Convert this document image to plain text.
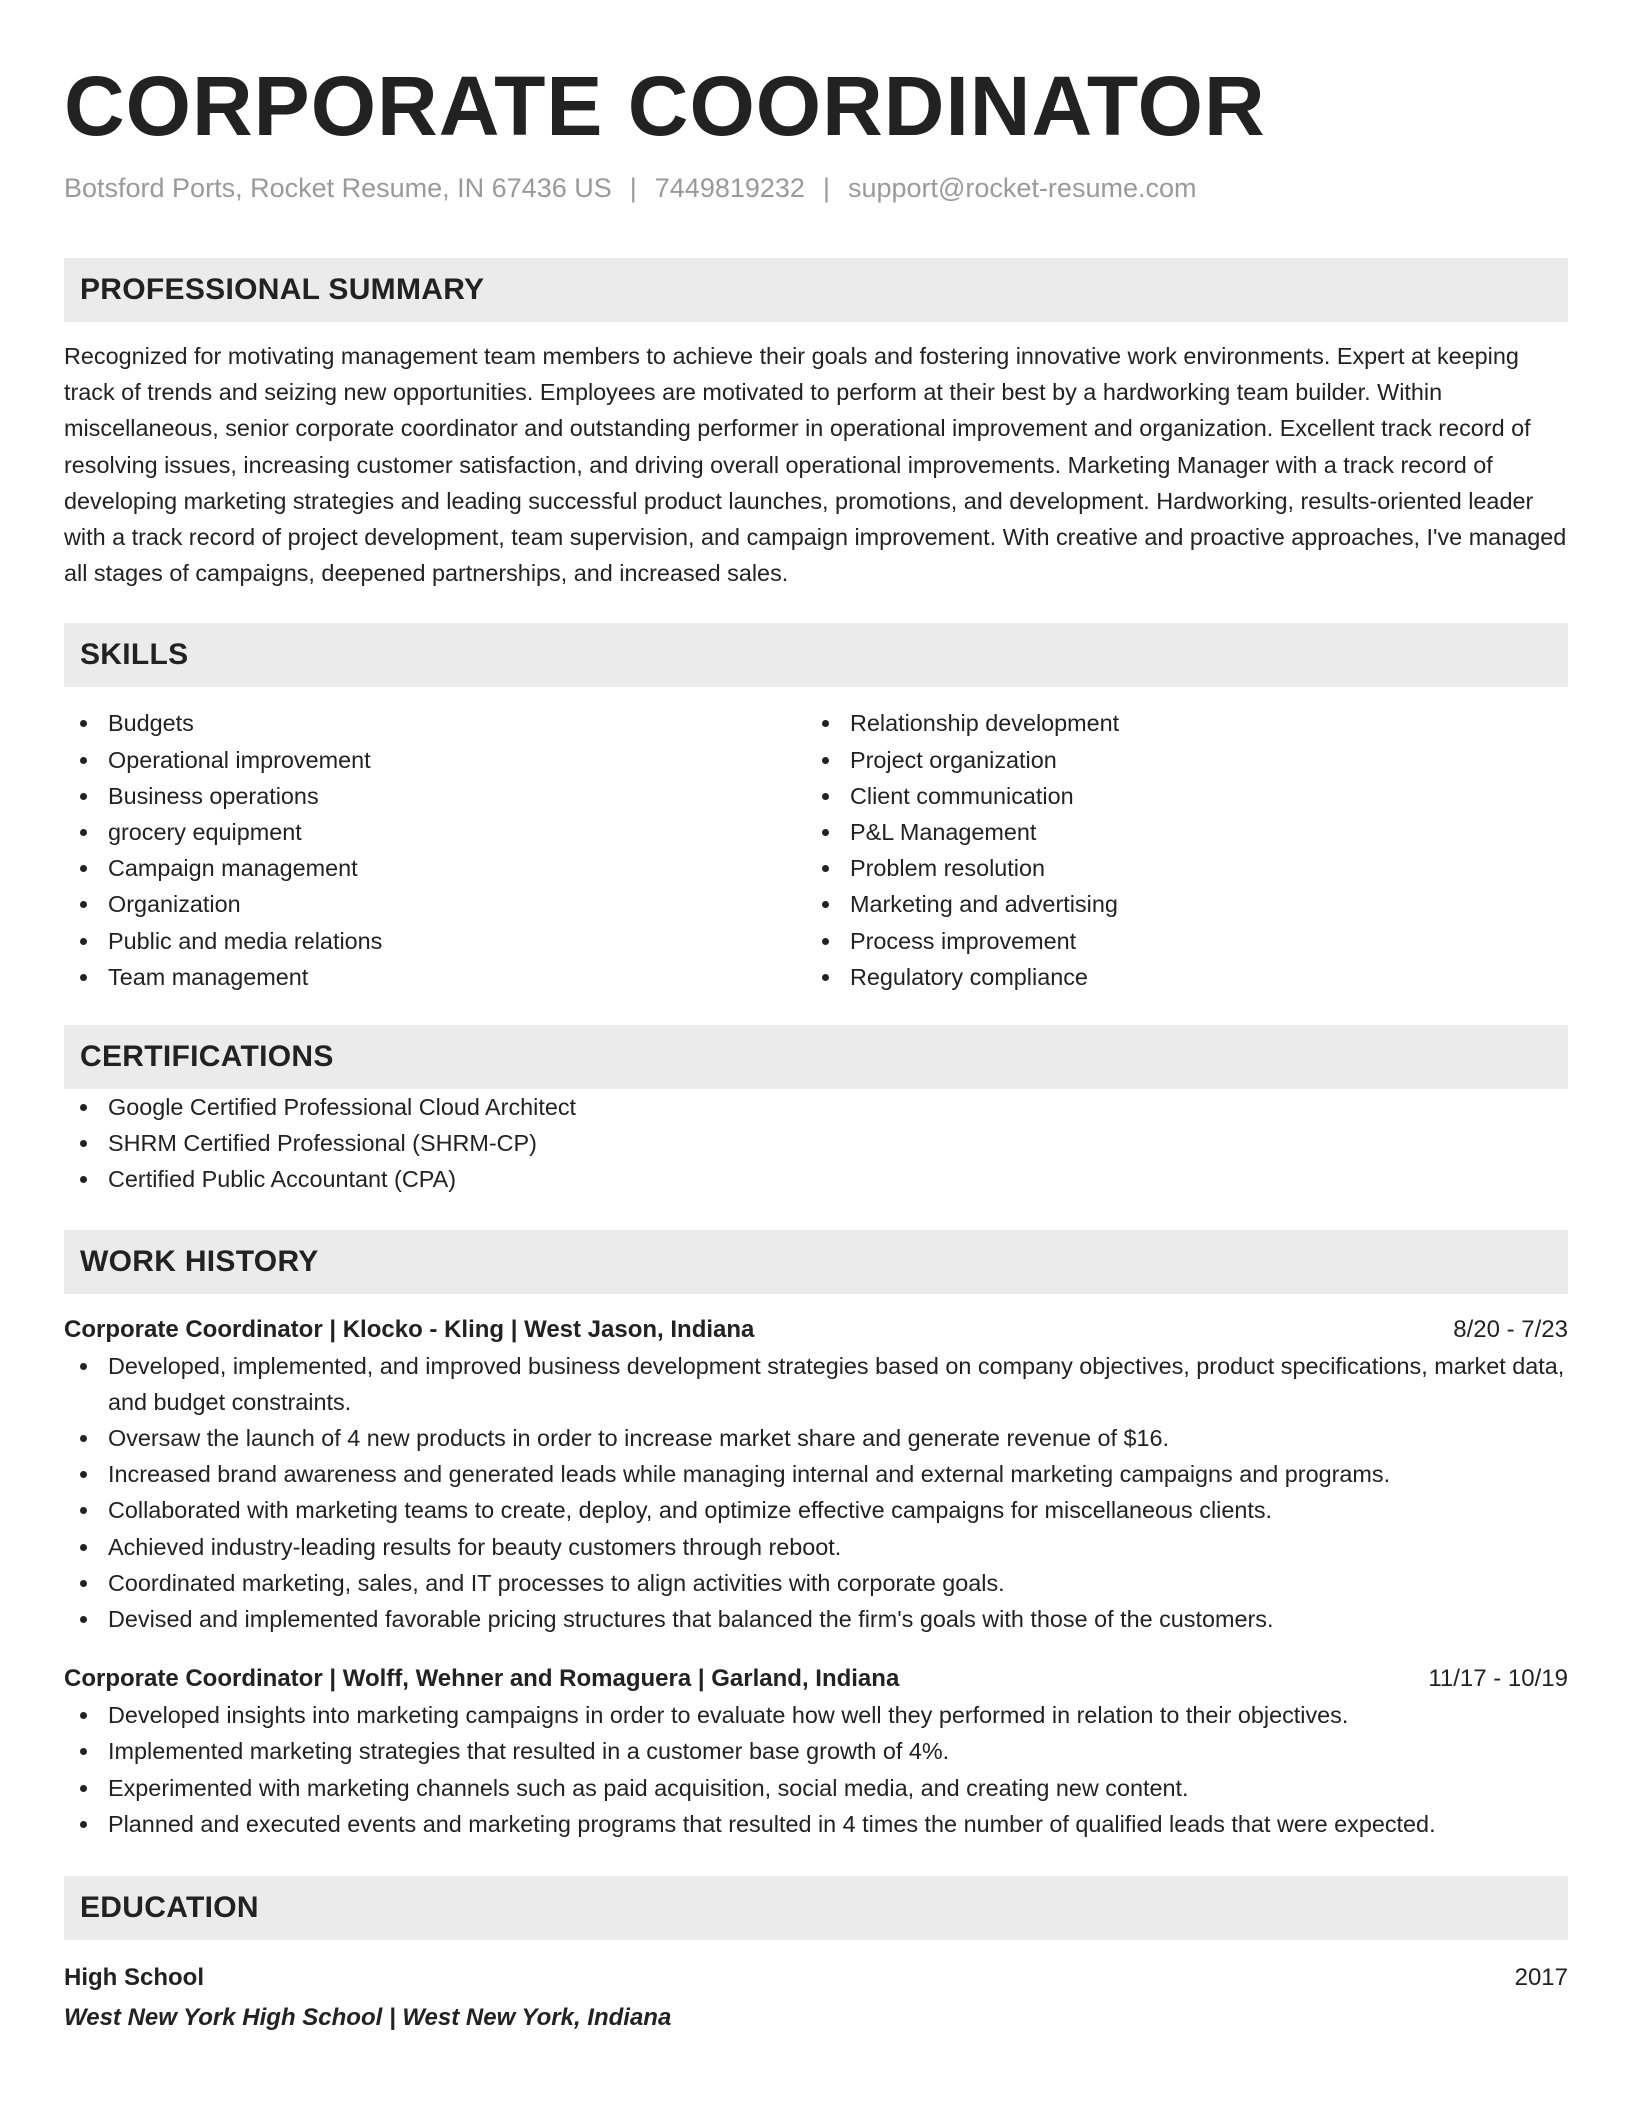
CORPORATE COORDINATOR
Botsford Ports, Rocket Resume, IN 67436 US | 7449819232 | support@rocket-resume.com
PROFESSIONAL SUMMARY
Recognized for motivating management team members to achieve their goals and fostering innovative work environments. Expert at keeping track of trends and seizing new opportunities. Employees are motivated to perform at their best by a hardworking team builder. Within miscellaneous, senior corporate coordinator and outstanding performer in operational improvement and organization. Excellent track record of resolving issues, increasing customer satisfaction, and driving overall operational improvements. Marketing Manager with a track record of developing marketing strategies and leading successful product launches, promotions, and development. Hardworking, results-oriented leader with a track record of project development, team supervision, and campaign improvement. With creative and proactive approaches, I've managed all stages of campaigns, deepened partnerships, and increased sales.
SKILLS
Budgets
Operational improvement
Business operations
grocery equipment
Campaign management
Organization
Public and media relations
Team management
Relationship development
Project organization
Client communication
P&L Management
Problem resolution
Marketing and advertising
Process improvement
Regulatory compliance
CERTIFICATIONS
Google Certified Professional Cloud Architect
SHRM Certified Professional (SHRM-CP)
Certified Public Accountant (CPA)
WORK HISTORY
Corporate Coordinator | Klocko - Kling | West Jason, Indiana	8/20 - 7/23
Developed, implemented, and improved business development strategies based on company objectives, product specifications, market data, and budget constraints.
Oversaw the launch of 4 new products in order to increase market share and generate revenue of $16.
Increased brand awareness and generated leads while managing internal and external marketing campaigns and programs.
Collaborated with marketing teams to create, deploy, and optimize effective campaigns for miscellaneous clients.
Achieved industry-leading results for beauty customers through reboot.
Coordinated marketing, sales, and IT processes to align activities with corporate goals.
Devised and implemented favorable pricing structures that balanced the firm's goals with those of the customers.
Corporate Coordinator | Wolff, Wehner and Romaguera | Garland, Indiana	11/17 - 10/19
Developed insights into marketing campaigns in order to evaluate how well they performed in relation to their objectives.
Implemented marketing strategies that resulted in a customer base growth of 4%.
Experimented with marketing channels such as paid acquisition, social media, and creating new content.
Planned and executed events and marketing programs that resulted in 4 times the number of qualified leads that were expected.
EDUCATION
High School	2017
West New York High School | West New York, Indiana
